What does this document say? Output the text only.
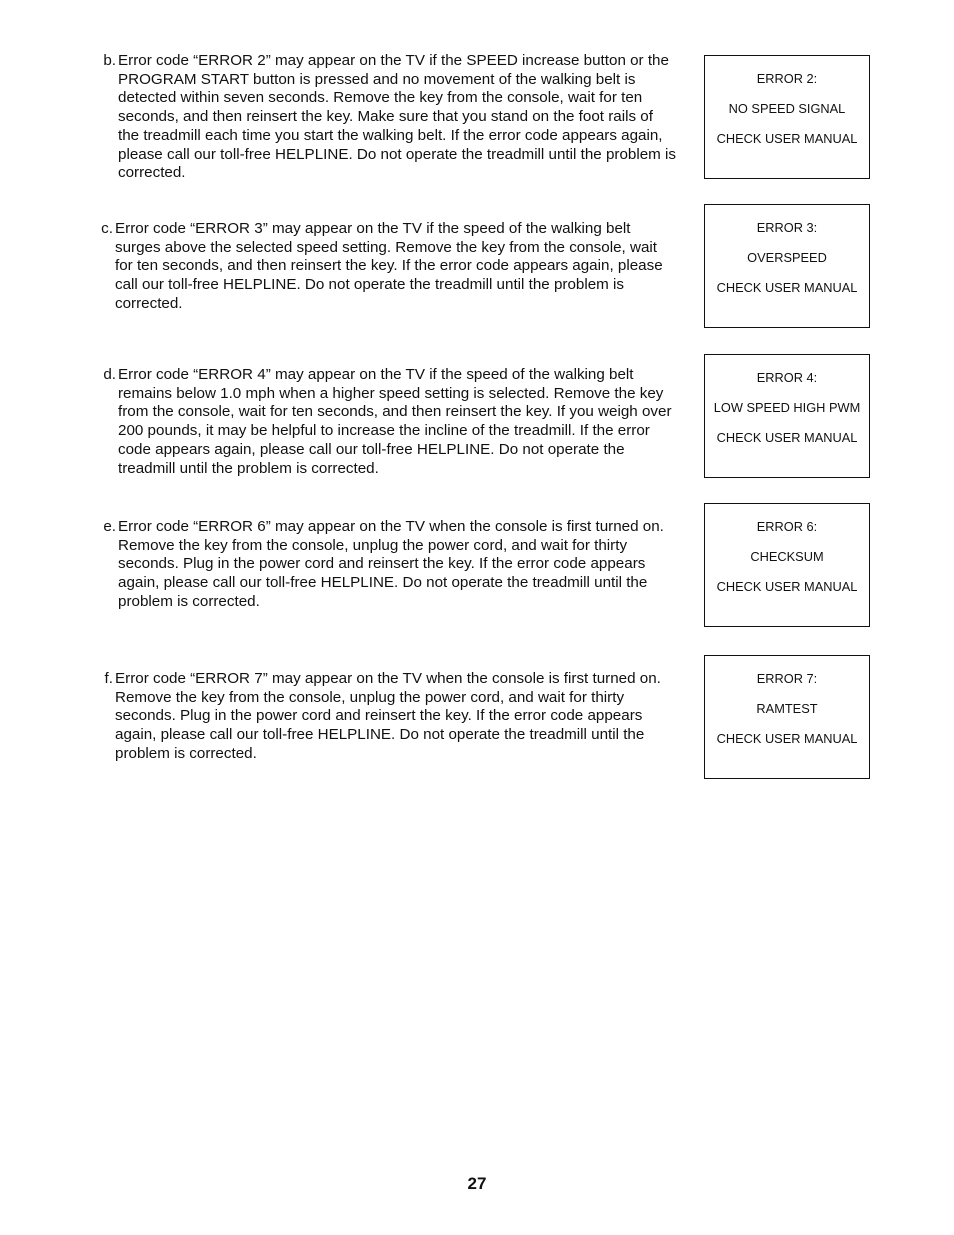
b. Error code “ERROR 2” may appear on the TV if the SPEED increase button or the PROGRAM START button is pressed and no movement of the walking belt is detected within seven seconds. Remove the key from the console, wait for ten seconds, and then reinsert the key. Make sure that you stand on the foot rails of the treadmill each time you start the walking belt. If the error code appears again, please call our toll-free HELPLINE. Do not operate the treadmill until the problem is corrected.

ERROR 2:
NO SPEED SIGNAL
CHECK USER MANUAL

c. Error code “ERROR 3” may appear on the TV if the speed of the walking belt surges above the selected speed setting. Remove the key from the console, wait for ten seconds, and then reinsert the key. If the error code appears again, please call our toll-free HELPLINE. Do not operate the treadmill until the problem is corrected.

ERROR 3:
OVERSPEED
CHECK USER MANUAL

d. Error code “ERROR 4” may appear on the TV if the speed of the walking belt remains below 1.0 mph when a higher speed setting is selected. Remove the key from the console, wait for ten seconds, and then reinsert the key. If you weigh over 200 pounds, it may be helpful to increase the incline of the treadmill. If the error code appears again, please call our toll-free HELPLINE. Do not operate the treadmill until the problem is corrected.

ERROR 4:
LOW SPEED HIGH PWM
CHECK USER MANUAL

e. Error code “ERROR 6” may appear on the TV when the console is first turned on. Remove the key from the console, unplug the power cord, and wait for thirty seconds. Plug in the power cord and reinsert the key. If the error code appears again, please call our toll-free HELPLINE. Do not operate the treadmill until the problem is corrected.

ERROR 6:
CHECKSUM
CHECK USER MANUAL

f. Error code “ERROR 7” may appear on the TV when the console is first turned on. Remove the key from the console, unplug the power cord, and wait for thirty seconds. Plug in the power cord and reinsert the key. If the error code appears again, please call our toll-free HELPLINE. Do not operate the treadmill until the problem is corrected.

ERROR 7:
RAMTEST
CHECK USER MANUAL
27
